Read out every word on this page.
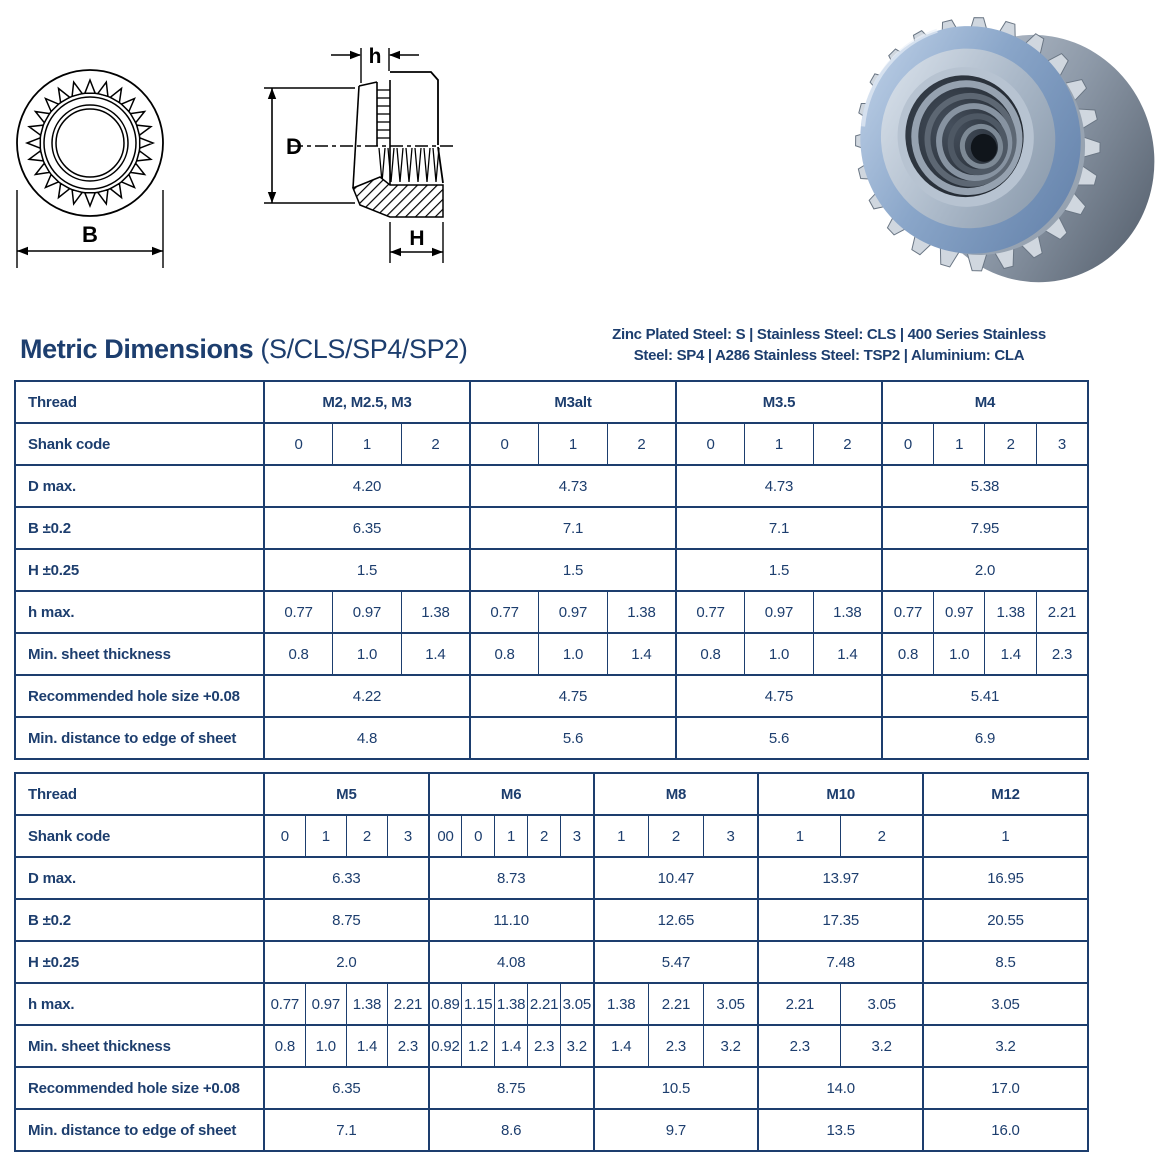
B
h
D
H
Metric Dimensions (S/CLS/SP4/SP2)	Zinc Plated Steel: S | Stainless Steel: CLS | 400 Series Stainless
Steel: SP4 | A286 Stainless Steel: TSP2 | Aluminium: CLA
Thread	M2, M2.5, M3			M3alt			M3.5			M4			
Shank code	0	1	2	0	1	2	0	1	2	0	1	2	3
D max.	4.20			4.73			4.73			5.38			
B ±0.2	6.35			7.1			7.1			7.95			
H ±0.25	1.5			1.5			1.5			2.0			
h max.	0.77	0.97	1.38	0.77	0.97	1.38	0.77	0.97	1.38	0.77	0.97	1.38	2.21
Min. sheet thickness	0.8	1.0	1.4	0.8	1.0	1.4	0.8	1.0	1.4	0.8	1.0	1.4	2.3
Recommended hole size +0.08	4.22			4.75			4.75			5.41			
Min. distance to edge of sheet	4.8			5.6			5.6			6.9			
Thread	M5				M6					M8			M10		M12
Shank code	0	1	2	3	00	0	1	2	3	1	2	3	1	2	1
D max.	6.33				8.73					10.47			13.97		16.95
B ±0.2	8.75				11.10					12.65			17.35		20.55
H ±0.25	2.0				4.08					5.47			7.48		8.5
h max.	0.77	0.97	1.38	2.21	0.89	1.15	1.38	2.21	3.05	1.38	2.21	3.05	2.21	3.05	3.05
Min. sheet thickness	0.8	1.0	1.4	2.3	0.92	1.2	1.4	2.3	3.2	1.4	2.3	3.2	2.3	3.2	3.2
Recommended hole size +0.08	6.35				8.75					10.5			14.0		17.0
Min. distance to edge of sheet	7.1				8.6					9.7			13.5		16.0
